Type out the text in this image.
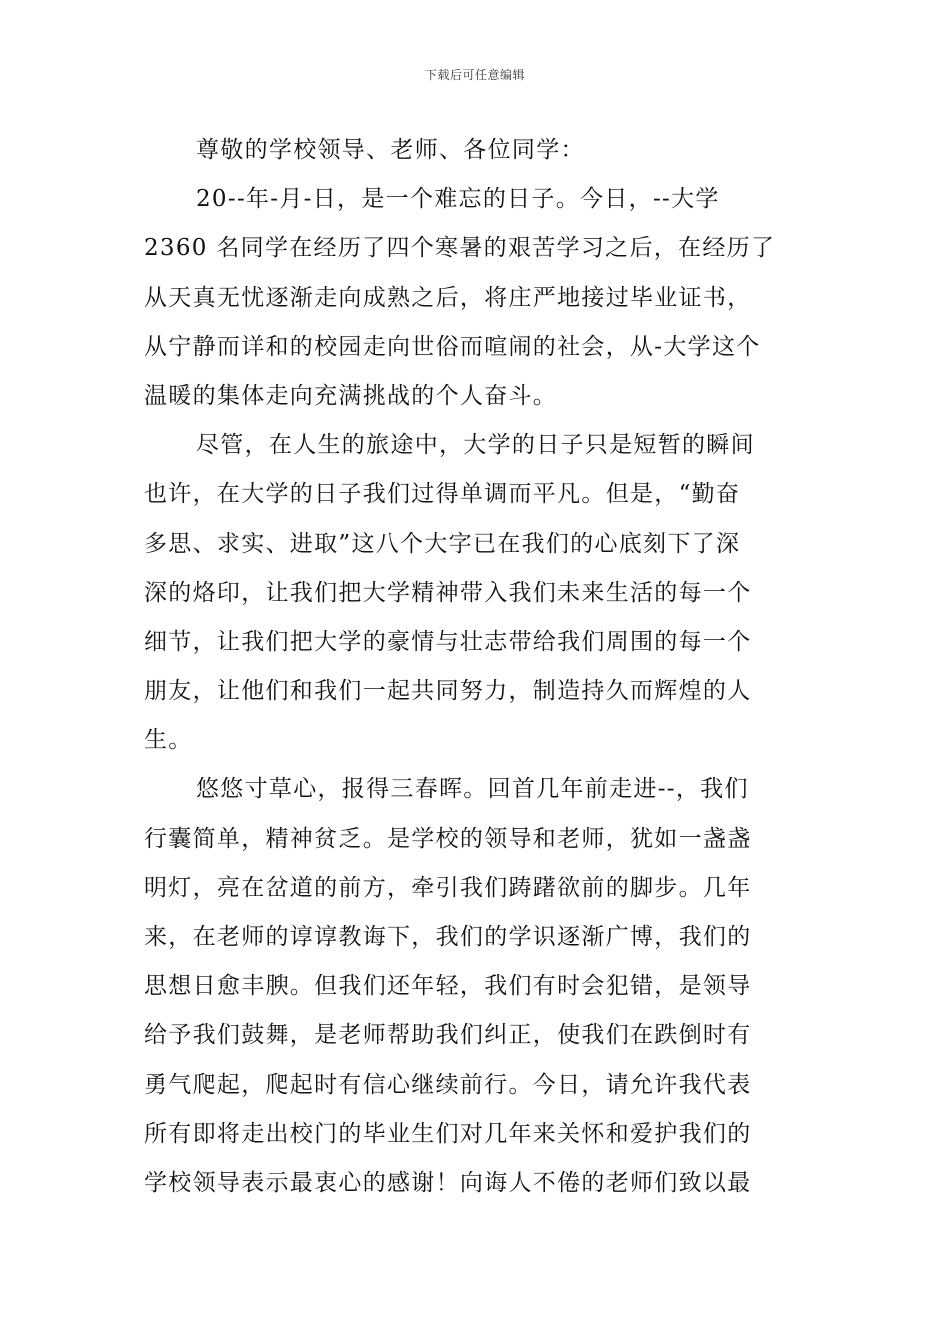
下载后可任意编辑
尊敬的学校领导、老师、各位同学：
20--年-月-日，是一个难忘的日子。今日，--大学
2360 名同学在经历了四个寒暑的艰苦学习之后，在经历了
从天真无忧逐渐走向成熟之后，将庄严地接过毕业证书，
从宁静而详和的校园走向世俗而喧闹的社会，从-大学这个
温暖的集体走向充满挑战的个人奋斗。
尽管，在人生的旅途中，大学的日子只是短暂的瞬间
也许，在大学的日子我们过得单调而平凡。但是，“勤奋
多思、求实、进取”这八个大字已在我们的心底刻下了深
深的烙印，让我们把大学精神带入我们未来生活的每一个
细节，让我们把大学的豪情与壮志带给我们周围的每一个
朋友，让他们和我们一起共同努力，制造持久而辉煌的人
生。
悠悠寸草心，报得三春晖。回首几年前走进--，我们
行囊简单，精神贫乏。是学校的领导和老师，犹如一盏盏
明灯，亮在岔道的前方，牵引我们踌躇欲前的脚步。几年
来，在老师的谆谆教诲下，我们的学识逐渐广博，我们的
思想日愈丰腴。但我们还年轻，我们有时会犯错，是领导
给予我们鼓舞，是老师帮助我们纠正，使我们在跌倒时有
勇气爬起，爬起时有信心继续前行。今日，请允许我代表
所有即将走出校门的毕业生们对几年来关怀和爱护我们的
学校领导表示最衷心的感谢！向诲人不倦的老师们致以最
